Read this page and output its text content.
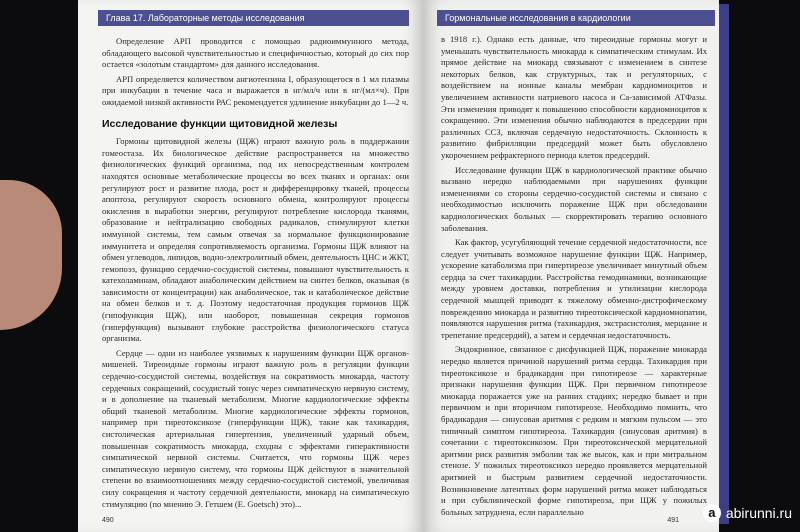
Глава 17. Лабораторные методы исследования

Определение АРП проводится с помощью радиоиммунного метода, обладающего высокой чувствительностью и специфичностью, который до сих пор остается «золотым стандартом» для данного исследования.

АРП определяется количеством ангиотензина I, образующегося в 1 мл плазмы при инкубации в течение часа и выражается в нг/мл/ч или в нг/(мл×ч). При ожидаемой низкой активности РАС рекомендуется удлинение инкубации до 1—2 ч.

Исследование функции щитовидной железы

Гормоны щитовидной железы (ЩЖ) играют важную роль в поддержании гомеостаза. Их биологическое действие распространяется на множество физиологических функций организма, под их непосредственным контролем находятся основные метаболические процессы во всех тканях и органах: они регулируют рост и развитие плода, рост и дифференцировку тканей, процессы апоптоза, регулируют скорость основного обмена, контролируют процессы окисления в выработки энергии, регулируют потребление кислорода тканями, образование и нейтрализацию свободных радикалов, стимулируют клетки иммунной системы, тем самым отвечая за нормальное функционирование иммунитета и определяя сопротивляемость организма. Гормоны ЩЖ влияют на обмен углеводов, липидов, водно-электролитный обмен, деятельность ЦНС и ЖКТ, гемопоэз, функцию сердечно-сосудистой системы, повышают чувствительность к катехоламинам, обладают анаболическим действием на синтез белков, оказывая (в зависимости от концентрации) как анаболическое, так и катаболическое действие на обмен белков и т. д. Поэтому недостаточная продукция гормонов ЩЖ (гипофункция ЩЖ), или наоборот, повышенная секреция гормонов (гиперфункция) вызывают глубокие расстройства физиологического статуса организма.

Сердце — одни из наиболее уязвимых к нарушениям функции ЩЖ органов-мишеней. Тиреоидные гормоны играют важную роль в регуляции функции сердечно-сосудистой системы, воздействуя на сократимость миокарда, частоту сердечных сокращений, сосудистый тонус через симпатическую нервную систему, и в дополнение на тканевый метаболизм. Многие кардиологические эффекты общий тканевой метаболизм. Многие кардиологические эффекты гормонов, например при тиреотоксикозе (гиперфункции ЩЖ), такие как тахикардия, систолическая артериальная гипертензия, увеличенный ударный объем, повышенная сократимость миокарда, сходны с эффектами гиперактивности симпатической нервной системы. Считается, что гормоны ЩЖ через симпатическую нервную систему, что гормоны ЩЖ действуют в значительной степени во взаимоотношениях между сердечно-сосудистой системой, увеличивая силу сокращения и частоту сердечной деятельности, миокард на симпатическую стимуляцию (по мнению Э. Гетшем (E. Goetsch) это)...

490
Гормональные исследования в кардиологии

в 1918 г.). Однако есть данные, что тиреоидные гормоны могут и уменьшать чувствительность миокарда к симпатическим стимулам. Их прямое действие на миокард связывают с изменением в синтезе некоторых белков, как структурных, так и регуляторных, с воздействием на ионные каналы мембран кардиомиоцитов и увеличением активности натриевого насоса и Ca-зависимой АТФазы. Эти изменения приводят к повышению способности кардиомиоцитов к сокращению. Эти изменения обычно наблюдаются в предсердии при различных ССЗ, включая сердечную недостаточность. Склонность к развитию фибрилляции предсердий может быть обусловлено укорочением рефрактерного периода клеток предсердий.

Исследование функции ЩЖ в кардиологической практике обычно вызвано нередко наблюдаемыми при нарушениях функции изменениями со стороны сердечно-сосудистой системы и связано с необходимостью исключить поражение ЩЖ при обследовании кардиологических больных — скорректировать терапию основного заболевания.

Как фактор, усугубляющий течение сердечной недостаточности, все следует учитывать возможное нарушение функции ЩЖ. Например, ускорение катаболизма при гипертиреозе увеличивает минутный объем сердца за счет тахикардии. Расстройства гемодинамики, возникающие между уровнем доставки, потребления и утилизации кислорода сердечной мышцей приводят к тяжелому обменно-дистрофическому повреждению миокарда и развитию тиреотоксической кардиомиопатии, появляются нарушения ритма (тахикардия, экстрасистолия, мерцание и трепетание предсердий), а затем и сердечная недостаточность.

Эндокринное, связанное с дисфункцией ЩЖ, поражение миокарда нередко является причиной нарушений ритма сердца. Тахикардия при тиреотоксикозе и брадикардия при гипотиреозе — характерные признаки нарушения функции ЩЖ. При первичном гипотиреозе миокарда поражается уже на ранних стадиях; нередко бывает и при первичном и при вторичном гипотиреозе. Необходимо помнить, что брадикардия — синусовая аритмия с редким и мягким пульсом — это типичный симптом гипотиреоза. Тахикардия (синусовая аритмия) в сочетании с тиреотоксикозом. При тиреотоксической мерцательной аритмии риск развития эмболии так же высок, как и при митральном стенозе. У пожилых тиреотоксикоз нередко проявляется мерцательной аритмией и быстрым развитием сердечной недостаточности. Возникновение латентных форм нарушений ритма может наблюдаться и при субклинической форме гипотиреоза, при ЩЖ у пожилых больных затруднена, если параллельно

491
a abirunni.ru
